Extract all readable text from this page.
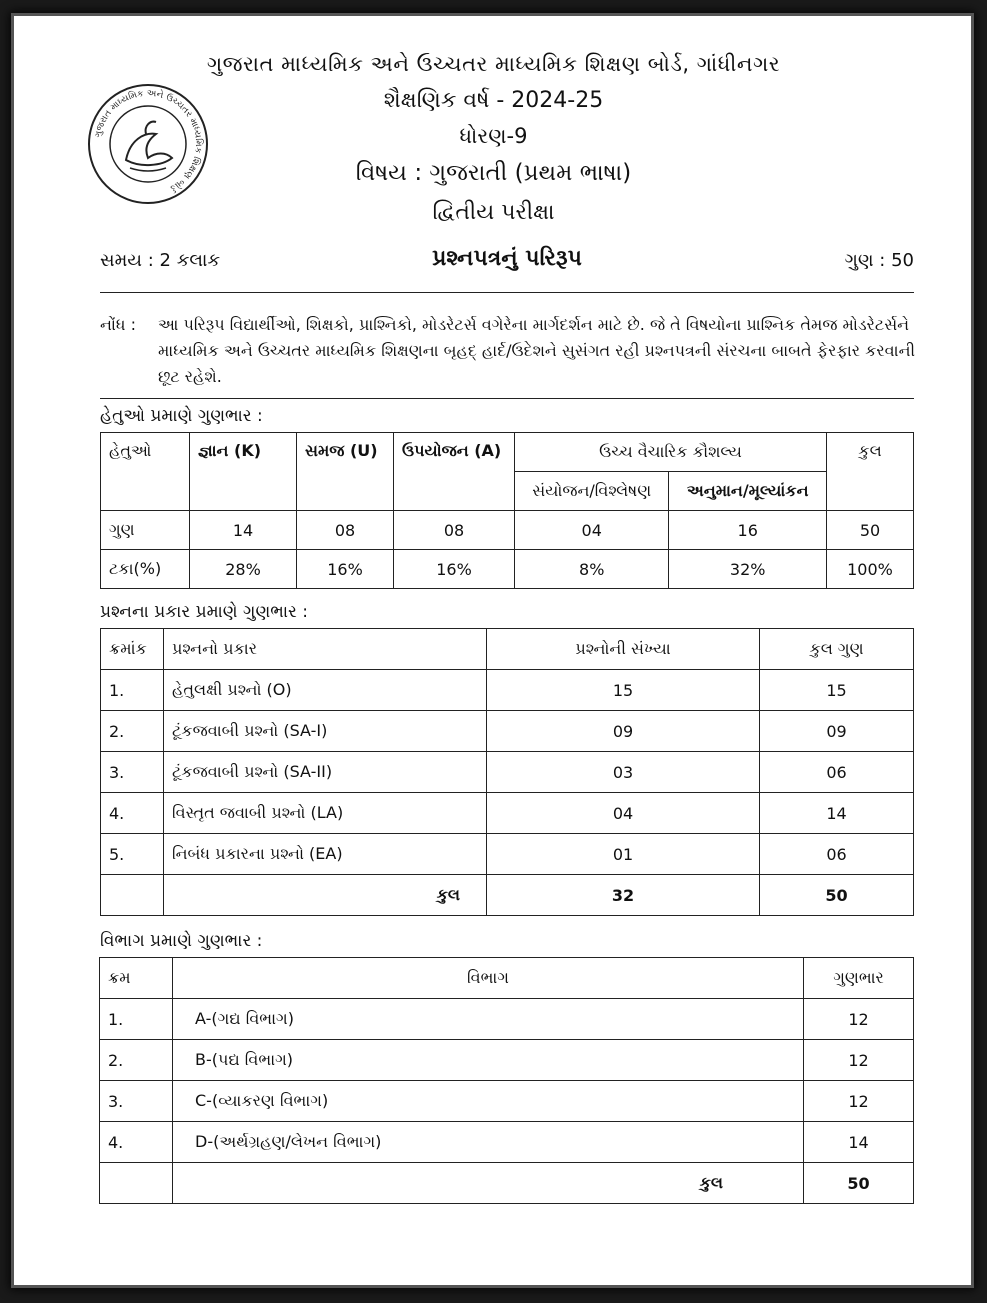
ગુજરાત માધ્યમિક અને ઉચ્ચતર માધ્યમિક શિક્ષણ બોર્ડ
ગુજરાત માધ્યમિક અને ઉચ્ચતર માધ્યમિક શિક્ષણ બોર્ડ, ગાંધીનગર
શૈક્ષણિક વર્ષ - 2024-25
ધોરણ-9
વિષય : ગુજરાતી (પ્રથમ ભાષા)
દ્વિતીય પરીક્ષા
સમય : 2 કલાક	પ્રશ્નપત્રનું પરિરૂપ	ગુણ : 50
નોંધ : આ પરિરૂપ વિદ્યાર્થીઓ, શિક્ષકો, પ્રાશ્નિકો, મોડરેટર્સ વગેરેના માર્ગદર્શન માટે છે. જે તે વિષયોના પ્રાશ્નિક તેમજ મોડરેટર્સને માધ્યમિક અને ઉચ્ચતર માધ્યમિક શિક્ષણના બૃહદ્ હાર્દ/ઉદેશને સુસંગત રહી પ્રશ્નપત્રની સંરચના બાબતે ફેરફાર કરવાની છૂટ રહેશે.
હેતુઓ પ્રમાણે ગુણભાર :
હેતુઓ	જ્ઞાન (K)	સમજ (U)	ઉપયોજન (A)	ઉચ્ચ વૈચારિક કૌશલ્ય		કુલ
				સંયોજન/વિશ્લેષણ	અનુમાન/મૂલ્યાંકન	
ગુણ	14	08	08	04	16	50
ટકા(%)	28%	16%	16%	8%	32%	100%
પ્રશ્નના પ્રકાર પ્રમાણે ગુણભાર :
ક્રમાંક	પ્રશ્નનો પ્રકાર	પ્રશ્નોની સંખ્યા	કુલ ગુણ
1.	હેતુલક્ષી પ્રશ્નો (O)	15	15
2.	ટૂંકજવાબી પ્રશ્નો (SA-I)	09	09
3.	ટૂંકજવાબી પ્રશ્નો (SA-II)	03	06
4.	વિસ્તૃત જવાબી પ્રશ્નો (LA)	04	14
5.	નિબંધ પ્રકારના પ્રશ્નો (EA)	01	06
	કુલ	32	50
વિભાગ પ્રમાણે ગુણભાર :
ક્રમ	વિભાગ	ગુણભાર
1.	A-(ગદ્ય વિભાગ)	12
2.	B-(પદ્ય વિભાગ)	12
3.	C-(વ્યાકરણ વિભાગ)	12
4.	D-(અર્થગ્રહણ/લેખન વિભાગ)	14
	કુલ	50
